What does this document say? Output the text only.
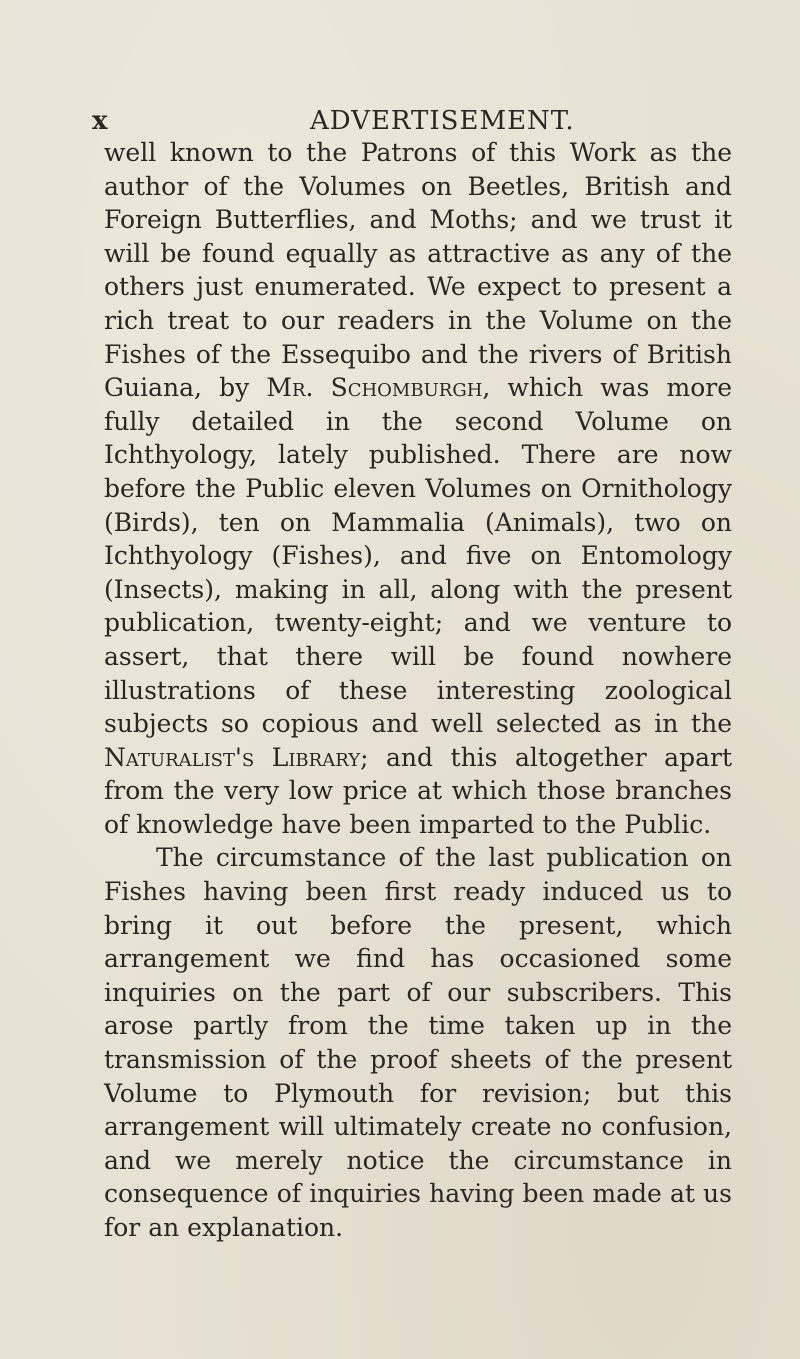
x	ADVERTISEMENT.

well known to the Patrons of this Work as the author of the Volumes on Beetles, British and Foreign Butterflies, and Moths; and we trust it will be found equally as attractive as any of the others just enumerated. We expect to present a rich treat to our readers in the Volume on the Fishes of the Essequibo and the rivers of British Guiana, by Mr. Schomburgh, which was more fully detailed in the second Volume on Ichthyology, lately published. There are now before the Public eleven Volumes on Ornithology (Birds), ten on Mammalia (Animals), two on Ichthyology (Fishes), and five on Entomology (Insects), making in all, along with the present publication, twenty-eight; and we venture to assert, that there will be found nowhere illustrations of these interesting zoological subjects so copious and well selected as in the Naturalist's Library; and this altogether apart from the very low price at which those branches of knowledge have been imparted to the Public.

The circumstance of the last publication on Fishes having been first ready induced us to bring it out before the present, which arrangement we find has occasioned some inquiries on the part of our subscribers. This arose partly from the time taken up in the transmission of the proof sheets of the present Volume to Plymouth for revision; but this arrangement will ultimately create no confusion, and we merely notice the circumstance in consequence of inquiries having been made at us for an explanation.
